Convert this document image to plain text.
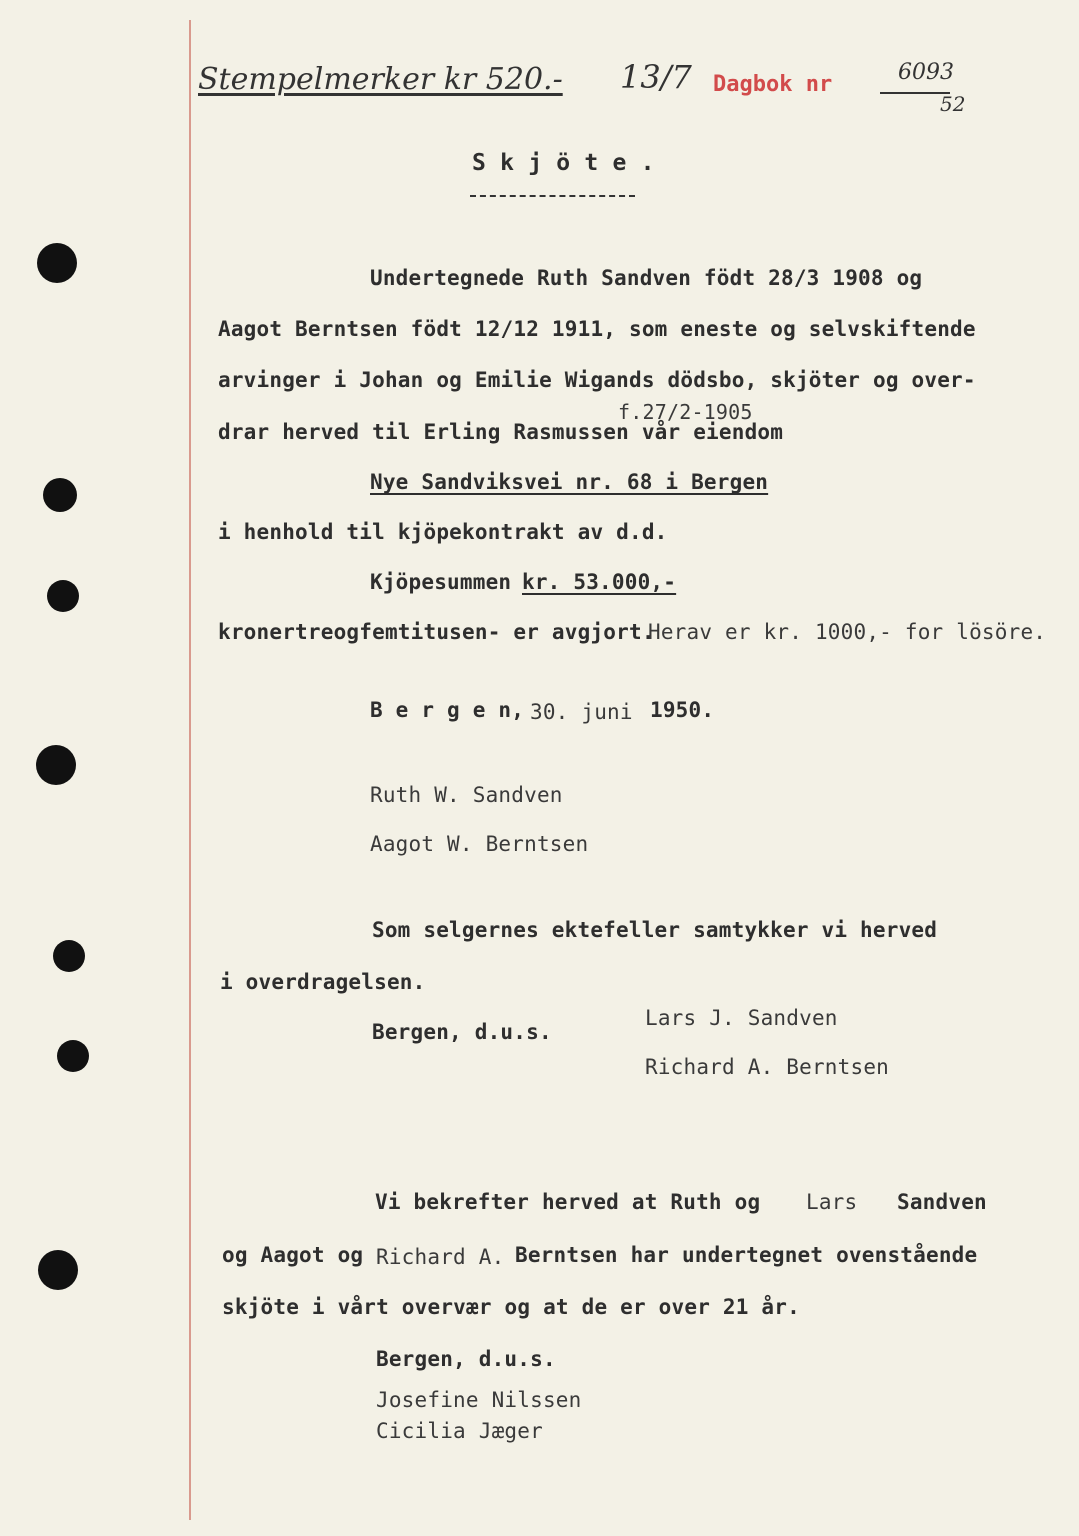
Stempelmerker kr 520.- 13/7 Dagbok nr	6093
52
S k j ö t e .
Undertegnede Ruth Sandven födt 28/3 1908 og
Aagot Berntsen födt 12/12 1911, som eneste og selvskiftende
arvinger i Johan og Emilie Wigands dödsbo, skjöter og over-
f.27/2-1905
drar herved til Erling Rasmussen vår eiendom
Nye Sandviksvei nr. 68 i Bergen
i henhold til kjöpekontrakt av d.d.
Kjöpesummen kr. 53.000,-
kronertreogfemtitusen- er avgjort.
Herav er kr. 1000,- for lösöre.
B e r g e n, 30. juni 1950.
Ruth W. Sandven
Aagot W. Berntsen
Som selgernes ektefeller samtykker vi herved
i overdragelsen.
Bergen, d.u.s.
Lars J. Sandven
Richard A. Berntsen
Vi bekrefter herved at Ruth og Lars Sandven
og Aagot og Richard A. Berntsen har undertegnet ovenstående
skjöte i vårt overvær og at de er over 21 år.
Bergen, d.u.s.
Josefine Nilssen
Cicilia Jæger
